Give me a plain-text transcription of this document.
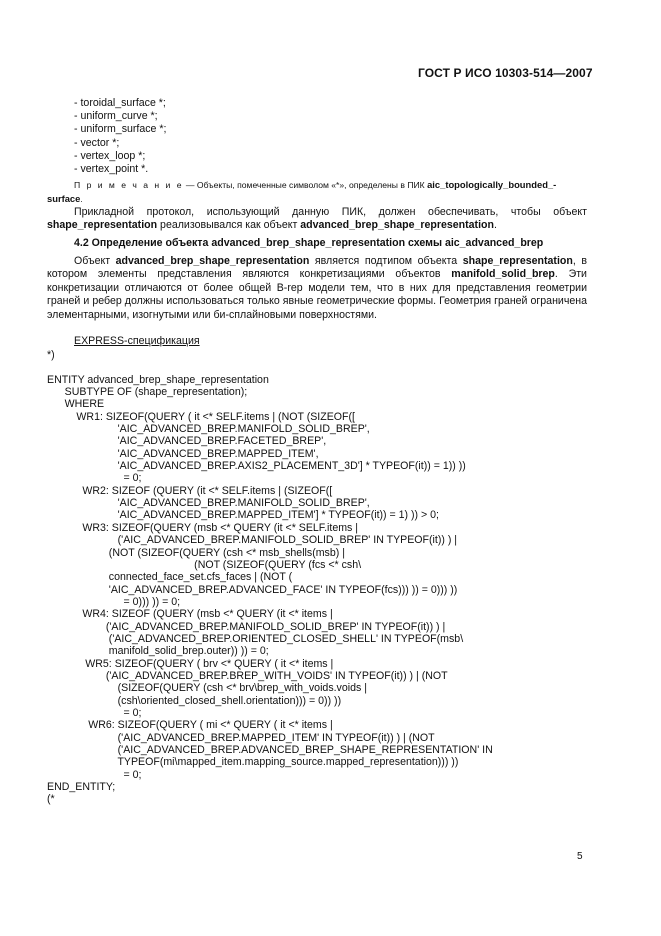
ГОСТ Р ИСО 10303-514—2007
- toroidal_surface *;
- uniform_curve *;
- uniform_surface *;
- vector *;
- vertex_loop *;
- vertex_point *.
П р и м е ч а н и е — Объекты, помеченные символом «*», определены в ПИК aic_topologically_bounded_-surface.

Прикладной протокол, использующий данную ПИК, должен обеспечивать, чтобы объект shape_representation реализовывался как объект advanced_brep_shape_representation.

4.2 Определение объекта advanced_brep_shape_representation схемы aic_advanced_brep

Объект advanced_brep_shape_representation является подтипом объекта shape_representation, в котором элементы представления являются конкретизациями объектов manifold_solid_brep. Эти конкретизации отличаются от более общей B-rep модели тем, что в них для представления геометрии граней и ребер должны использоваться только явные геометрические формы. Геометрия граней ограничена элементарными, изогнутыми или би-сплайновыми поверхностями.

EXPRESS-спецификация
*)

ENTITY advanced_brep_shape_representation
SUBTYPE OF (shape_representation);
WHERE
WR1: SIZEOF(QUERY ( it <* SELF.items | (NOT (SIZEOF([
'AIC_ADVANCED_BREP.MANIFOLD_SOLID_BREP',
'AIC_ADVANCED_BREP.FACETED_BREP',
'AIC_ADVANCED_BREP.MAPPED_ITEM',
'AIC_ADVANCED_BREP.AXIS2_PLACEMENT_3D'] * TYPEOF(it)) = 1)) ))
= 0;
WR2: SIZEOF (QUERY (it <* SELF.items | (SIZEOF([
'AIC_ADVANCED_BREP.MANIFOLD_SOLID_BREP',
'AIC_ADVANCED_BREP.MAPPED_ITEM'] * TYPEOF(it)) = 1) )) > 0;
WR3: SIZEOF(QUERY (msb <* QUERY (it <* SELF.items |
('AIC_ADVANCED_BREP.MANIFOLD_SOLID_BREP' IN TYPEOF(it)) ) |
(NOT (SIZEOF(QUERY (csh <* msb_shells(msb) |
(NOT (SIZEOF(QUERY (fcs <* csh\
connected_face_set.cfs_faces | (NOT (
'AIC_ADVANCED_BREP.ADVANCED_FACE' IN TYPEOF(fcs))) )) = 0))) ))
= 0))) )) = 0;
WR4: SIZEOF (QUERY (msb <* QUERY (it <* items |
('AIC_ADVANCED_BREP.MANIFOLD_SOLID_BREP' IN TYPEOF(it)) ) |
('AIC_ADVANCED_BREP.ORIENTED_CLOSED_SHELL' IN TYPEOF(msb\
manifold_solid_brep.outer)) )) = 0;
WR5: SIZEOF(QUERY ( brv <* QUERY ( it <* items |
('AIC_ADVANCED_BREP.BREP_WITH_VOIDS' IN TYPEOF(it)) ) | (NOT
(SIZEOF(QUERY (csh <* brv\brep_with_voids.voids |
(csh\oriented_closed_shell.orientation))) = 0)) ))
= 0;
WR6: SIZEOF(QUERY ( mi <* QUERY ( it <* items |
('AIC_ADVANCED_BREP.MAPPED_ITEM' IN TYPEOF(it)) ) | (NOT
('AIC_ADVANCED_BREP.ADVANCED_BREP_SHAPE_REPRESENTATION' IN
TYPEOF(mi\mapped_item.mapping_source.mapped_representation))) ))
= 0;
END_ENTITY;
(*
5
